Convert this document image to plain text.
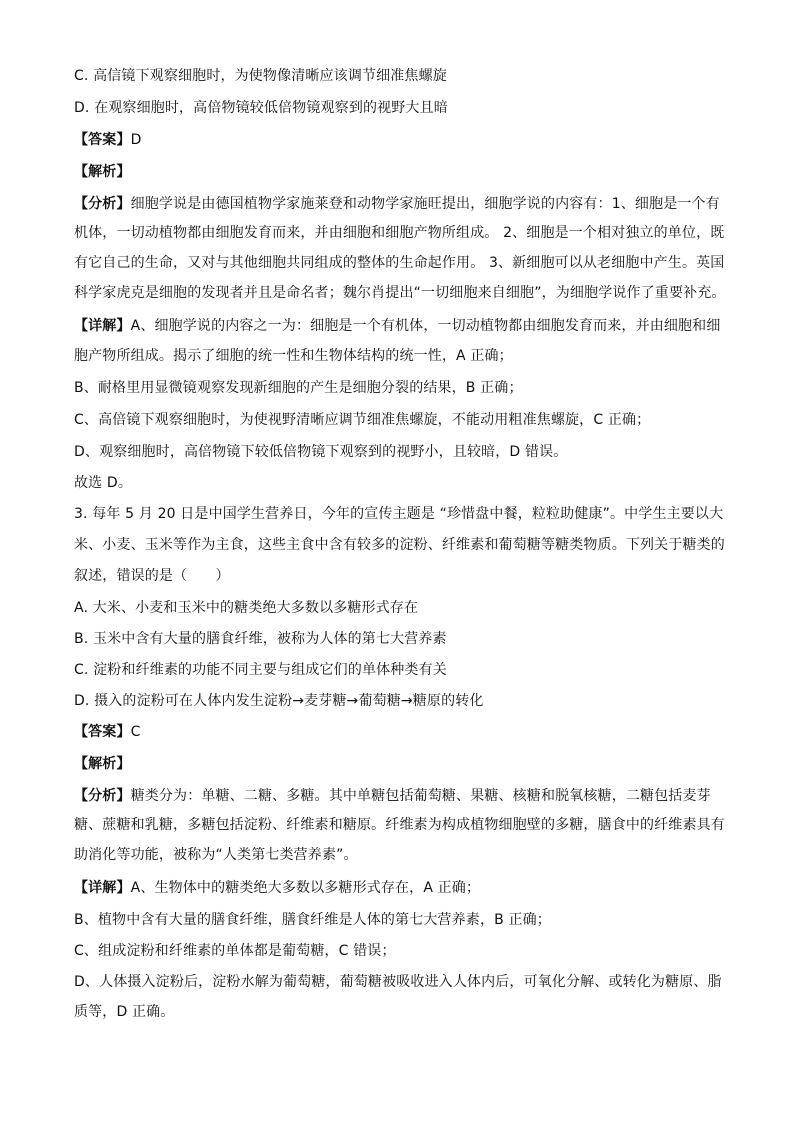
C. 高信镜下观察细胞时，为使物像清晰应该调节细准焦螺旋
D. 在观察细胞时，高倍物镜较低倍物镜观察到的视野大且暗
【答案】D
【解析】
【分析】细胞学说是由德国植物学家施莱登和动物学家施旺提出，细胞学说的内容有：1、细胞是一个有
机体，一切动植物都由细胞发育而来，并由细胞和细胞产物所组成。 2、细胞是一个相对独立的单位，既
有它自己的生命，又对与其他细胞共同组成的整体的生命起作用。 3、新细胞可以从老细胞中产生。英国
科学家虎克是细胞的发现者并且是命名者；魏尔肖提出“一切细胞来自细胞”，为细胞学说作了重要补充。
【详解】A、细胞学说的内容之一为：细胞是一个有机体，一切动植物都由细胞发育而来，并由细胞和细
胞产物所组成。揭示了细胞的统一性和生物体结构的统一性，A 正确；
B、耐格里用显微镜观察发现新细胞的产生是细胞分裂的结果，B 正确；
C、高倍镜下观察细胞时，为使视野清晰应调节细准焦螺旋，不能动用粗准焦螺旋，C 正确；
D、观察细胞时，高倍物镜下较低倍物镜下观察到的视野小，且较暗，D 错误。
故选 D。
3. 每年 5 月 20 日是中国学生营养日，今年的宣传主题是 “珍惜盘中餐，粒粒助健康”。中学生主要以大
米、小麦、玉米等作为主食，这些主食中含有较多的淀粉、纤维素和葡萄糖等糖类物质。下列关于糖类的
叙述，错误的是（　　）
A. 大米、小麦和玉米中的糖类绝大多数以多糖形式存在
B. 玉米中含有大量的膳食纤维，被称为人体的第七大营养素
C. 淀粉和纤维素的功能不同主要与组成它们的单体种类有关
D. 摄入的淀粉可在人体内发生淀粉→麦芽糖→葡萄糖→糖原的转化
【答案】C
【解析】
【分析】糖类分为：单糖、二糖、多糖。其中单糖包括葡萄糖、果糖、核糖和脱氧核糖，二糖包括麦芽
糖、蔗糖和乳糖，多糖包括淀粉、纤维素和糖原。纤维素为构成植物细胞壁的多糖，膳食中的纤维素具有
助消化等功能，被称为“人类第七类营养素”。
【详解】A、生物体中的糖类绝大多数以多糖形式存在，A 正确；
B、植物中含有大量的膳食纤维，膳食纤维是人体的第七大营养素，B 正确；
C、组成淀粉和纤维素的单体都是葡萄糖，C 错误；
D、人体摄入淀粉后，淀粉水解为葡萄糖，葡萄糖被吸收进入人体内后，可氧化分解、或转化为糖原、脂
质等，D 正确。
